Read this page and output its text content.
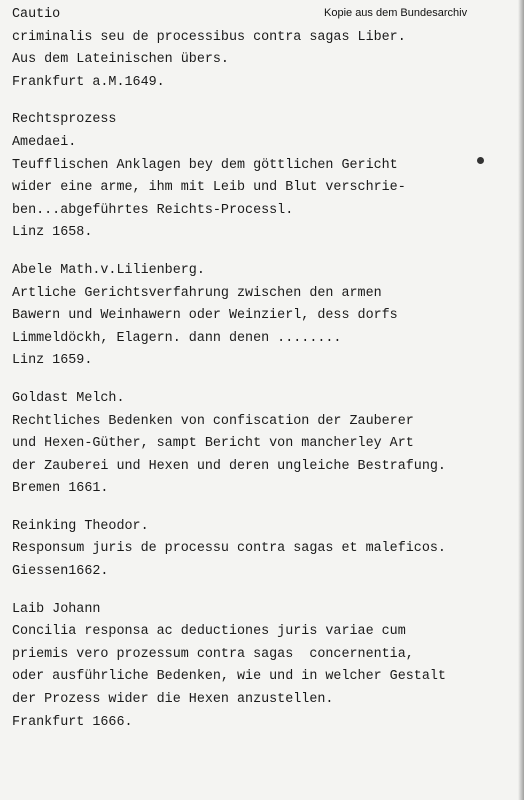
Kopie aus dem Bundesarchiv
Cautio
criminalis seu de processibus contra sagas Liber.
Aus dem Lateinischen übers.
Frankfurt a.M.1649.
Rechtsprozess
Amedaei.
Teufflischen Anklagen bey dem göttlichen Gericht
wider eine arme, ihm mit Leib und Blut verschrie-
ben...abgeführtes Reichts-Processl.
Linz 1658.
Abele Math.v.Lilienberg.
Artliche Gerichtsverfahrung zwischen den armen
Bawern und Weinhawern oder Weinzierl, dess dorfs
Limmeldöckh, Elagern. dann denen ........
Linz 1659.
Goldast Melch.
Rechtliches Bedenken von confiscation der Zauberer
und Hexen-Güther, sampt Bericht von mancherley Art
der Zauberei und Hexen und deren ungleiche Bestrafung.
Bremen 1661.
Reinking Theodor.
Responsum juris de processu contra sagas et maleficos.
Giessen1662.
Laib Johann
Concilia responsa ac deductiones juris variae cum
priemis vero prozessum contra sagas  concernentia,
oder ausführliche Bedenken, wie und in welcher Gestalt
der Prozess wider die Hexen anzustellen.
Frankfurt 1666.
